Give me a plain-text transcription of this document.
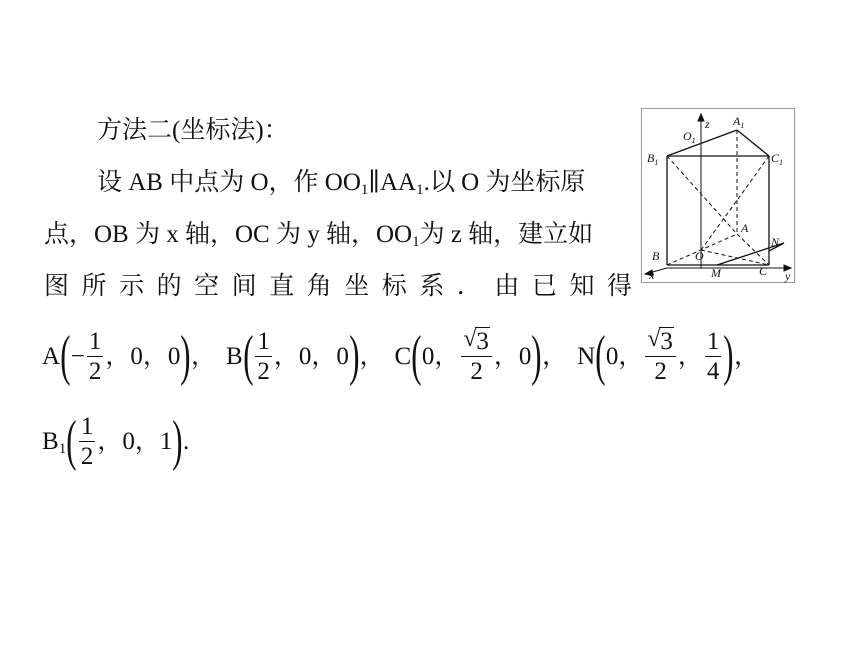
方法二(坐标法)：
设 AB 中点为 O，作 $OO_1\parallel AA_1$.以 O 为坐标原
点，OB 为 x 轴，OC 为 y 轴，$OO_1$为 z 轴，建立如
图 所 示 的 空 间 直 角 坐 标 系 ． 由 已 知 得
A ( − $\frac{1}{2}$ ，0，0 ) ， B ( $\frac{1}{2}$ ，0，0 ) ， C ( 0， $\frac{√ 3}{2}$ ，0 ) ， N ( 0， $\frac{√ 3}{2}$ ， $\frac{1}{4}$ ) ，
$B_1$ ( $\frac{1}{2}$ ，0，1 ) .
$O_1$
z $A_1$
$B_1$	$C_1$
A
N
B	O
M	C
x	y
